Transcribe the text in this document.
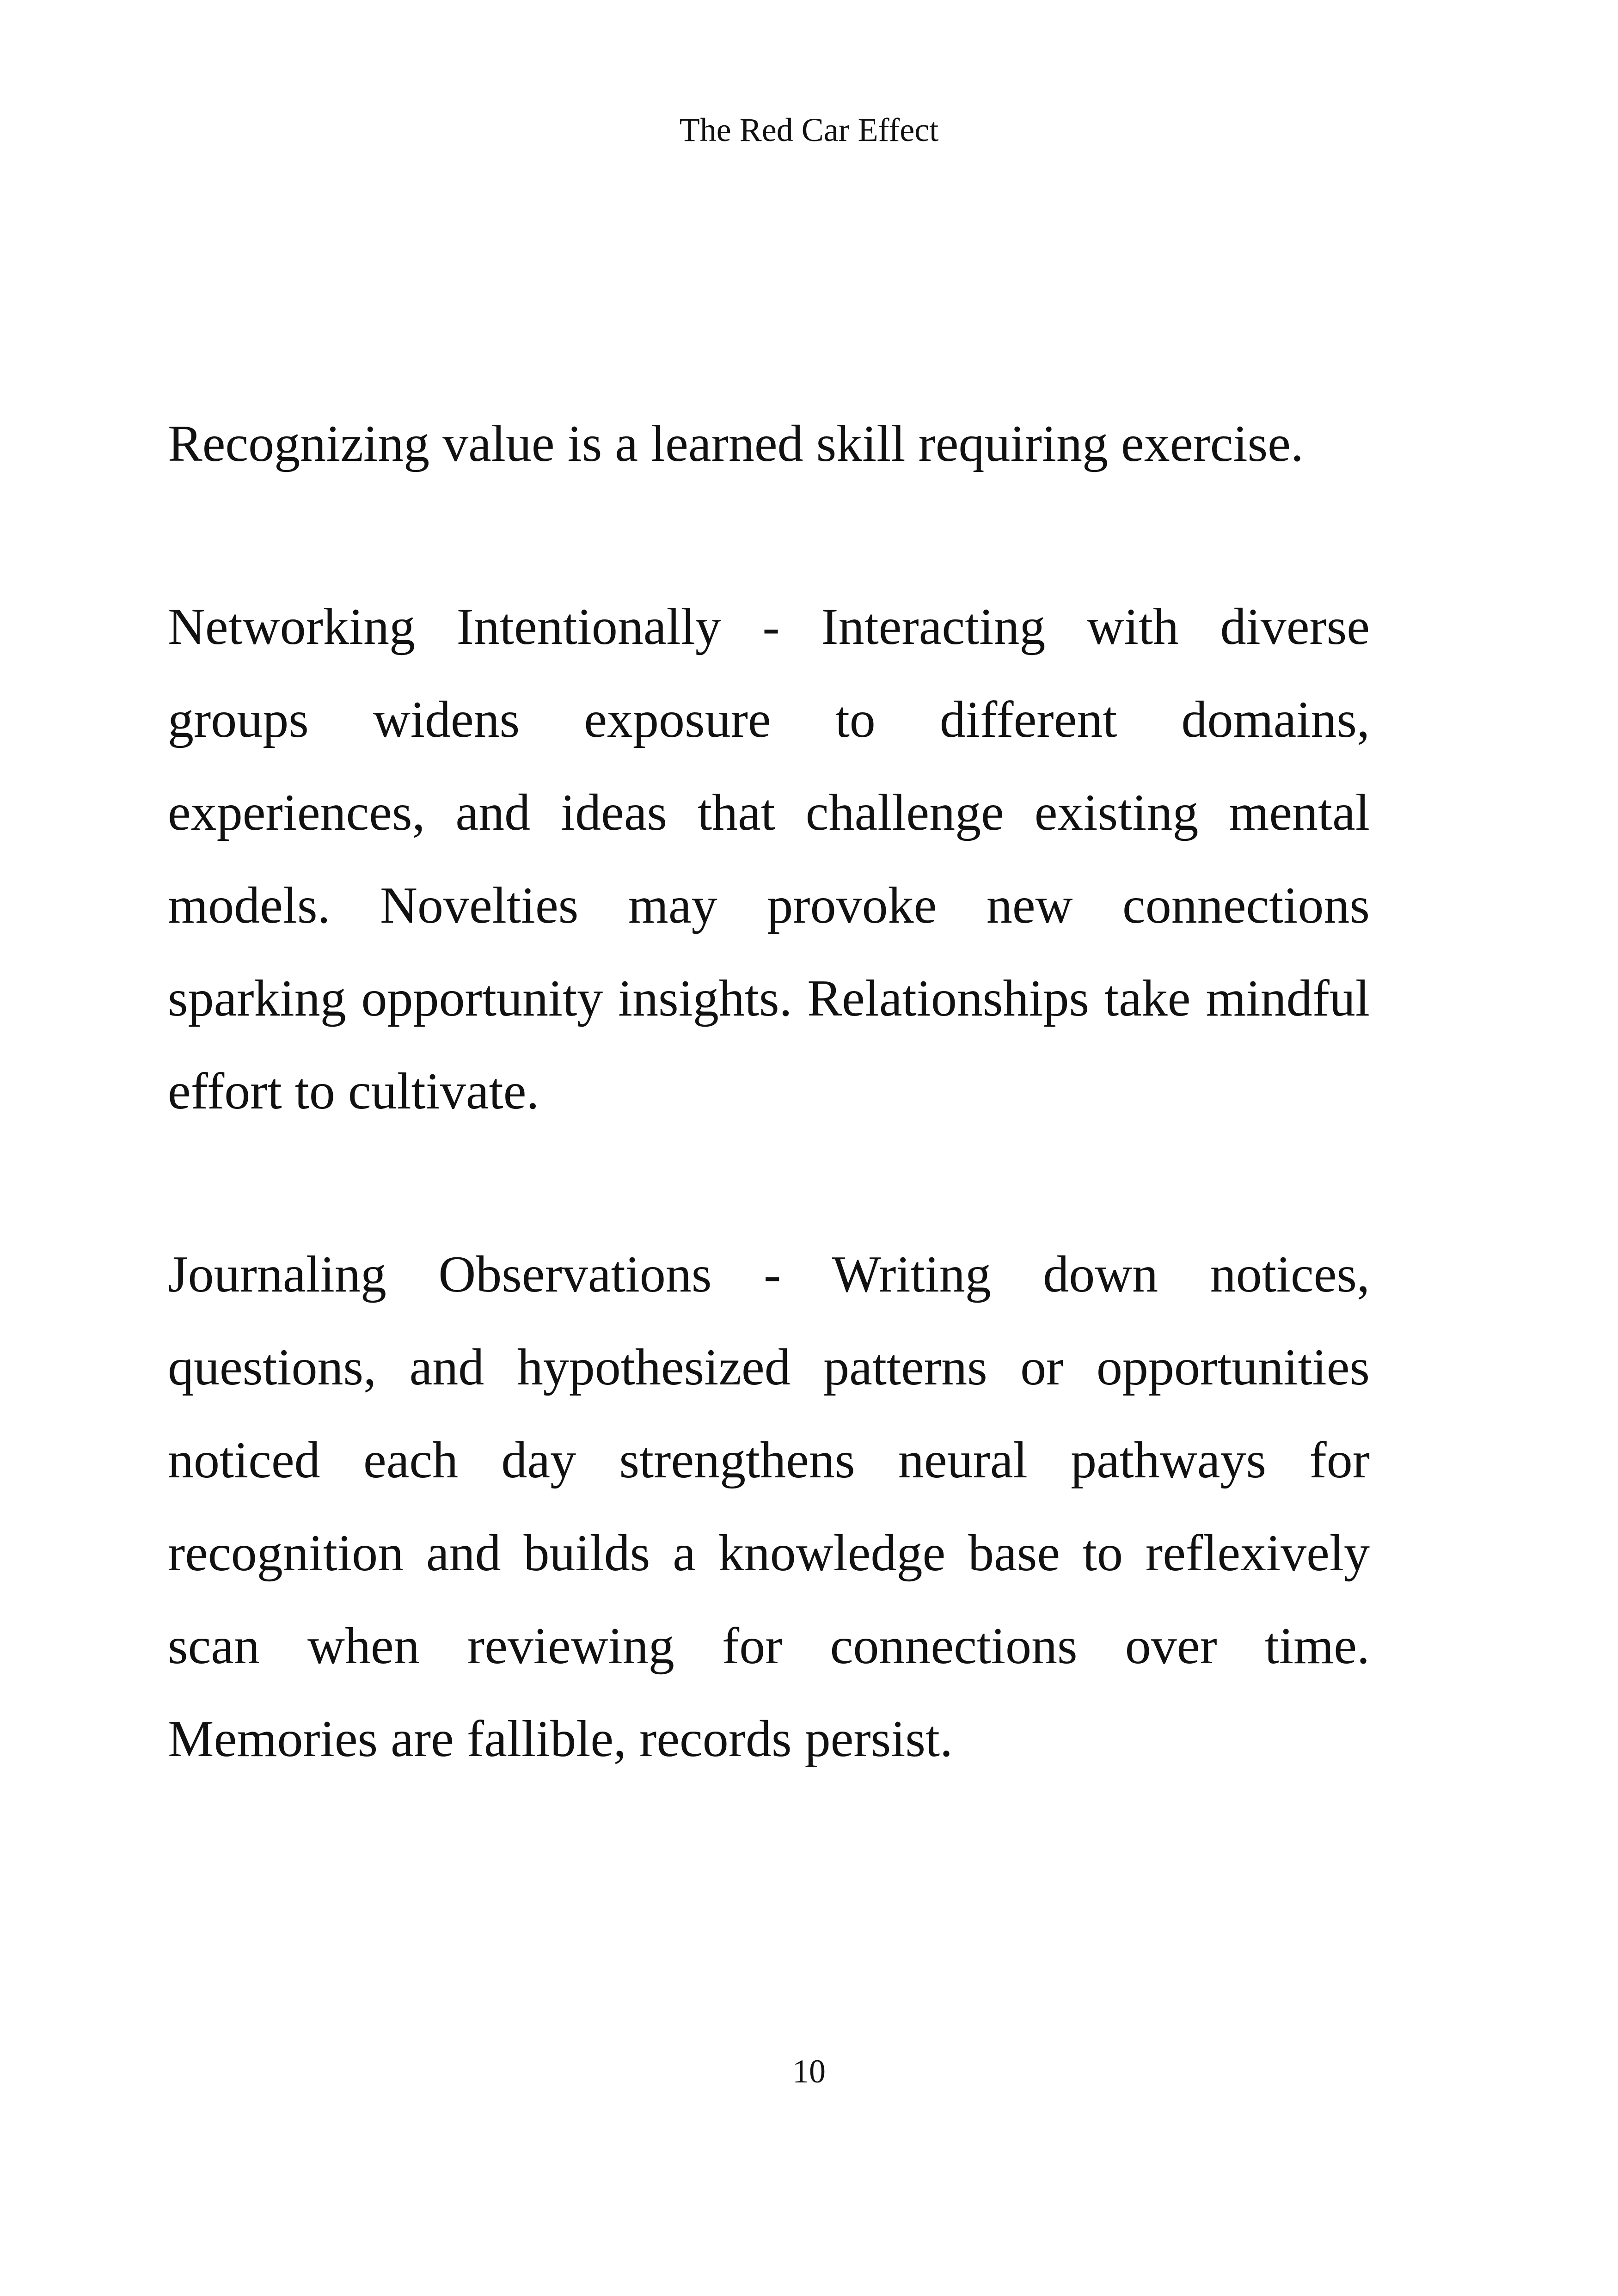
The Red Car Effect

Recognizing value is a learned skill requiring exercise.

Networking Intentionally - Interacting with diverse groups widens exposure to different domains, experiences, and ideas that challenge existing mental models. Novelties may provoke new connections sparking opportunity insights. Relationships take mindful effort to cultivate.

Journaling Observations - Writing down notices, questions, and hypothesized patterns or opportunities noticed each day strengthens neural pathways for recognition and builds a knowledge base to reflexively scan when reviewing for connections over time. Memories are fallible, records persist.

10
